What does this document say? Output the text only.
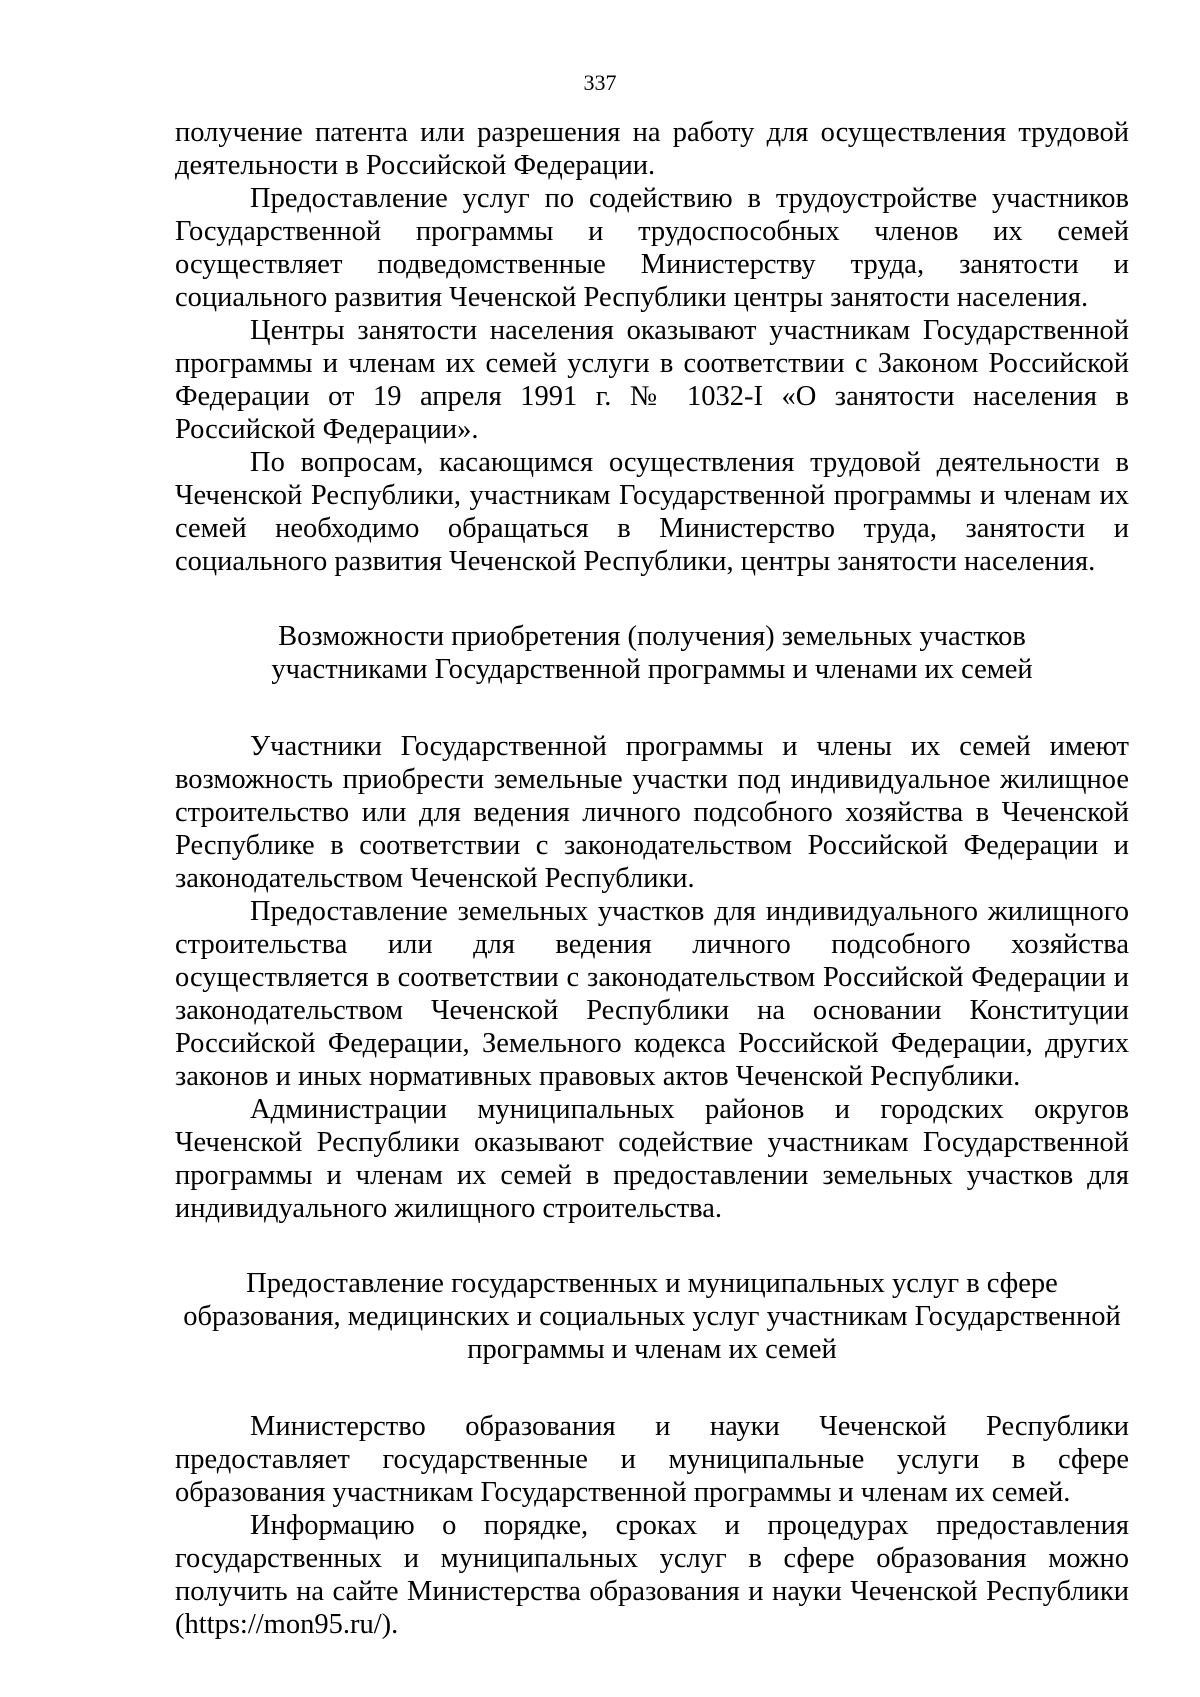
337

получение патента или разрешения на работу для осуществления трудовой деятельности в Российской Федерации.

Предоставление услуг по содействию в трудоустройстве участников Государственной программы и трудоспособных членов их семей осуществляет подведомственные Министерству труда, занятости и социального развития Чеченской Республики центры занятости населения.

Центры занятости населения оказывают участникам Государственной программы и членам их семей услуги в соответствии с Законом Российской Федерации от 19 апреля 1991 г. № 1032-I «О занятости населения в Российской Федерации».

По вопросам, касающимся осуществления трудовой деятельности в Чеченской Республики, участникам Государственной программы и членам их семей необходимо обращаться в Министерство труда, занятости и социального развития Чеченской Республики, центры занятости населения.

Возможности приобретения (получения) земельных участков
участниками Государственной программы и членами их семей

Участники Государственной программы и члены их семей имеют возможность приобрести земельные участки под индивидуальное жилищное строительство или для ведения личного подсобного хозяйства в Чеченской Республике в соответствии с законодательством Российской Федерации и законодательством Чеченской Республики.

Предоставление земельных участков для индивидуального жилищного строительства или для ведения личного подсобного хозяйства осуществляется в соответствии с законодательством Российской Федерации и законодательством Чеченской Республики на основании Конституции Российской Федерации, Земельного кодекса Российской Федерации, других законов и иных нормативных правовых актов Чеченской Республики.

Администрации муниципальных районов и городских округов Чеченской Республики оказывают содействие участникам Государственной программы и членам их семей в предоставлении земельных участков для индивидуального жилищного строительства.

Предоставление государственных и муниципальных услуг в сфере
образования, медицинских и социальных услуг участникам Государственной
программы и членам их семей

Министерство образования и науки Чеченской Республики предоставляет государственные и муниципальные услуги в сфере образования участникам Государственной программы и членам их семей.

Информацию о порядке, сроках и процедурах предоставления государственных и муниципальных услуг в сфере образования можно получить на сайте Министерства образования и науки Чеченской Республики (https://mon95.ru/).
